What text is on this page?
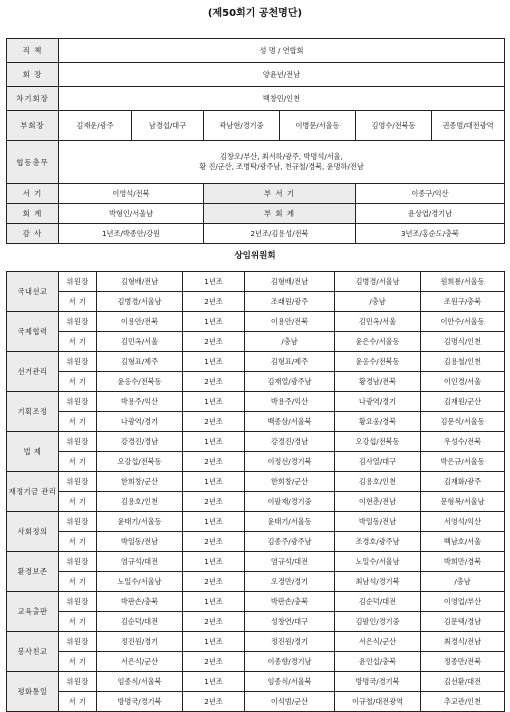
(제50회기 공천명단)
직 책	성 명 / 연합회					
회 장	양윤년/전남					
차기회장	백창민/인천					
부회장	김재운/광주	남경섭/대구	곽남현/경기중	이병문/서울동	김영수/전북동	권종범/대전광역
협동총무	김창오/부산, 최서하/광주, 박명석/서울,
황 진/군산, 조병탁/광주남, 천규철/경북, 윤명하/전남					

서 기	이영석/전북		부 서 기		이종구/익산	
회 계	박형인/서울남		부 회 계		윤상엽/경기남	
감 사	1년조/박종안/강원		2년조/김용성/전북		3년조/홍순도/충북	
상임위원회
국내선교	위원장	김형배/전남	1년조	김형배/전남	김병경/서울남	원희룡/서울동
	서 기	김병경/서울남	2년조	조래원/광주	/충남	조원구/충북
국제협력	위원장	이용안/전북	1년조	이용안/전북	김민옥/서울	이안수/서울동
	서 기	김민옥/서울	2년조	/충남	윤은수/서울동	김명식/인천
선거관리	위원장	김형표/제주	1년조	김형표/제주	윤응수/전북동	김용철/인천
	서 기	윤응수/전북동	2년조	김재열/광주남	황경남/전북	이인경/서울
기획조정	위원장	박용주/익산	1년조	박용주/익산	나광역/경기	김재원/군산
	서 기	나광역/경기	2년조	백종삼/서울북	황요웅/경북	김문식/서울동
법 제	위원장	강경진/경남	1년조	강경진/경남	오강섭/전북동	우성수/전북
	서 기	오강섭/전북동	2년조	이정선/경기북	김사열/대구	박은규/서울동
재정기금 관리	위원장	한희창/군산	1년조	한희창/군산	김용호/인천	김재화/광주
	서 기	김용호/인천	2년조	이팔재/경기중	이현춘/전남	문형복/서울남
사회정의	위원장	윤태기/서울동	1년조	윤태기/서울동	박일동/전남	서영석/익산
	서 기	박일동/전남	2년조	김종주/광주남	조경호/광주남	백남호/서울
환경보존	위원장	염규석/대전	1년조	염규석/대전	노일수/서울남	박희만/경북
	서 기	노일수/서울남	2년조	오경만/경기	최남석/경기북	/충남
교육출판	위원장	박판손/충북	1년조	박판손/충북	김순덕/대전	이영업/부산
	서 기	김순덕/대전	2년조	성창연/대구	김팔인/경기중	김문택/경남
봉사친교	위원장	정진원/경기	1년조	정진원/경기	서은식/군산	최경식/전남
	서 기	서은식/군산	2년조	이종향/경기남	윤인섭/충북	정종만/전북
평화통일	위원장	임종식/서울북	1년조	임종식/서울북	방명국/경기북	김선환/대전
	서 기	방명국/경기북	2년조	이석범/군산	이규철/대전광역	추교관/인천
